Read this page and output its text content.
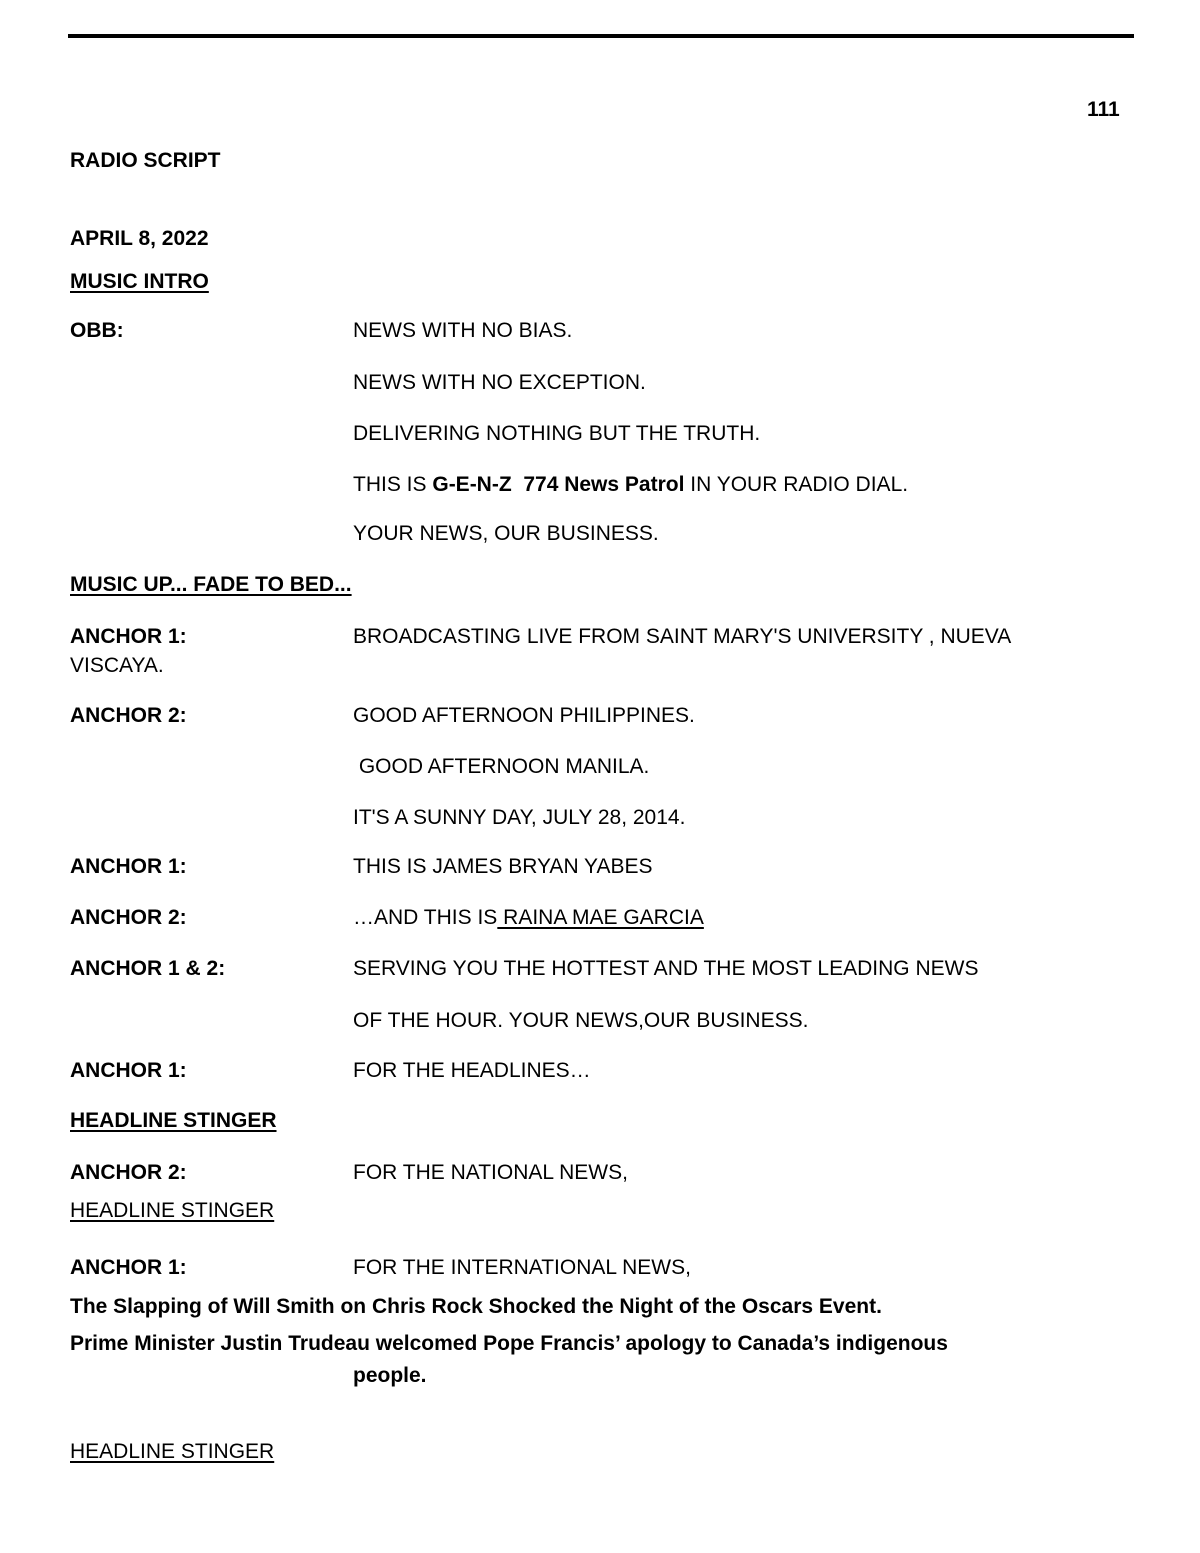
111
RADIO SCRIPT
APRIL 8, 2022
MUSIC INTRO
OBB:	NEWS WITH NO BIAS.
NEWS WITH NO EXCEPTION.
DELIVERING NOTHING BUT THE TRUTH.
THIS IS G-E-N-Z  774 News Patrol IN YOUR RADIO DIAL.
YOUR NEWS, OUR BUSINESS.
MUSIC UP... FADE TO BED...
ANCHOR 1:	BROADCASTING LIVE FROM SAINT MARY'S UNIVERSITY , NUEVA
VISCAYA.
ANCHOR 2:	GOOD AFTERNOON PHILIPPINES.
GOOD AFTERNOON MANILA.
IT'S A SUNNY DAY, JULY 28, 2014.
ANCHOR 1:	THIS IS JAMES BRYAN YABES
ANCHOR 2:	…AND THIS IS RAINA MAE GARCIA
ANCHOR 1 & 2:	SERVING YOU THE HOTTEST AND THE MOST LEADING NEWS
OF THE HOUR. YOUR NEWS,OUR BUSINESS.
ANCHOR 1:	FOR THE HEADLINES…
HEADLINE STINGER
ANCHOR 2:	FOR THE NATIONAL NEWS,
HEADLINE STINGER
ANCHOR 1:	FOR THE INTERNATIONAL NEWS,
The Slapping of Will Smith on Chris Rock Shocked the Night of the Oscars Event.
Prime Minister Justin Trudeau welcomed Pope Francis’ apology to Canada’s indigenous
people.
HEADLINE STINGER
